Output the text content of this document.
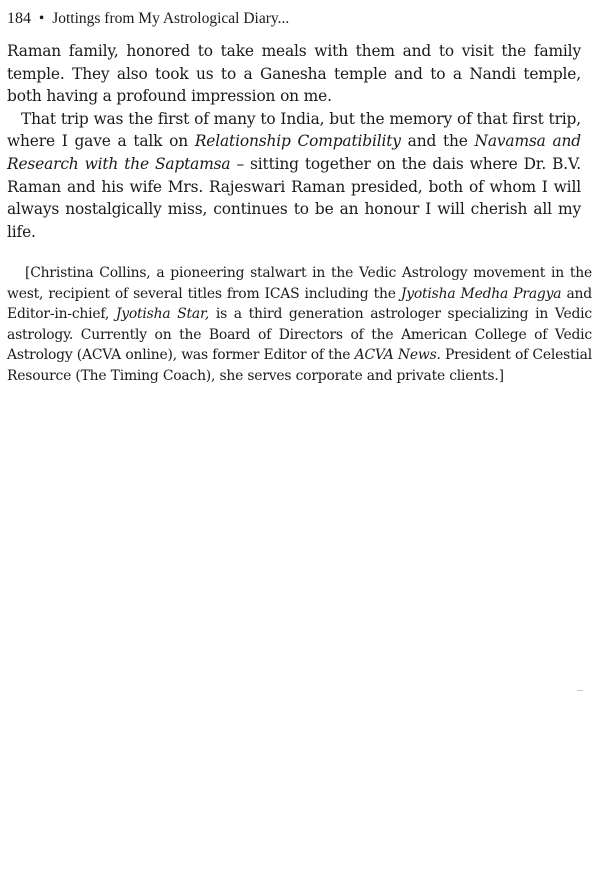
184 • Jottings from My Astrological Diary...

Raman family, honored to take meals with them and to visit the family temple. They also took us to a Ganesha temple and to a Nandi temple, both having a profound impression on me.

That trip was the first of many to India, but the memory of that first trip, where I gave a talk on Relationship Compatibility and the Navamsa and Research with the Saptamsa – sitting together on the dais where Dr. B.V. Raman and his wife Mrs. Rajeswari Raman presided, both of whom I will always nostalgically miss, continues to be an honour I will cherish all my life.

[Christina Collins, a pioneering stalwart in the Vedic Astrology movement in the west, recipient of several titles from ICAS including the Jyotisha Medha Pragya and Editor-in-chief, Jyotisha Star, is a third generation astrologer specializing in Vedic astrology. Currently on the Board of Directors of the American College of Vedic Astrology (ACVA online), was former Editor of the ACVA News. President of Celestial Resource (The Timing Coach), she serves corporate and private clients.]
